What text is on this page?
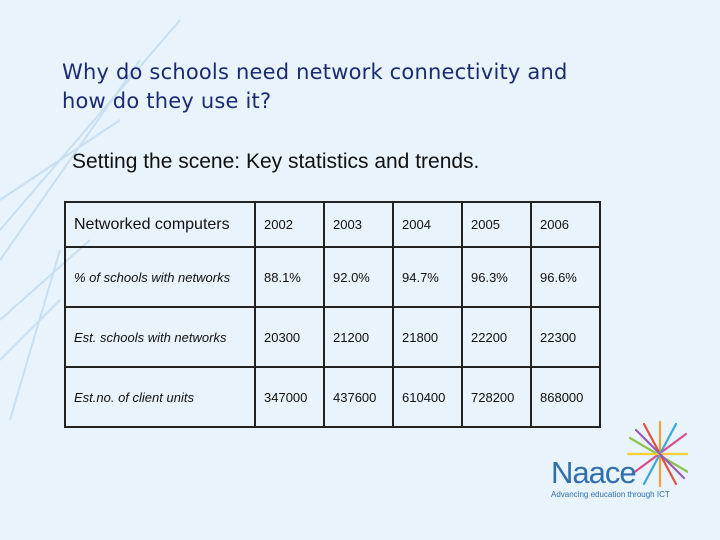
Why do schools need network connectivity and
how do they use it?
Setting the scene: Key statistics and trends.
Networked computers	2002	2003	2004	2005	2006
% of schools with networks	88.1%	92.0%	94.7%	96.3%	96.6%
Est. schools with networks	20300	21200	21800	22200	22300
Est.no. of client units	347000	437600	610400	728200	868000
Naace
Advancing education through ICT
